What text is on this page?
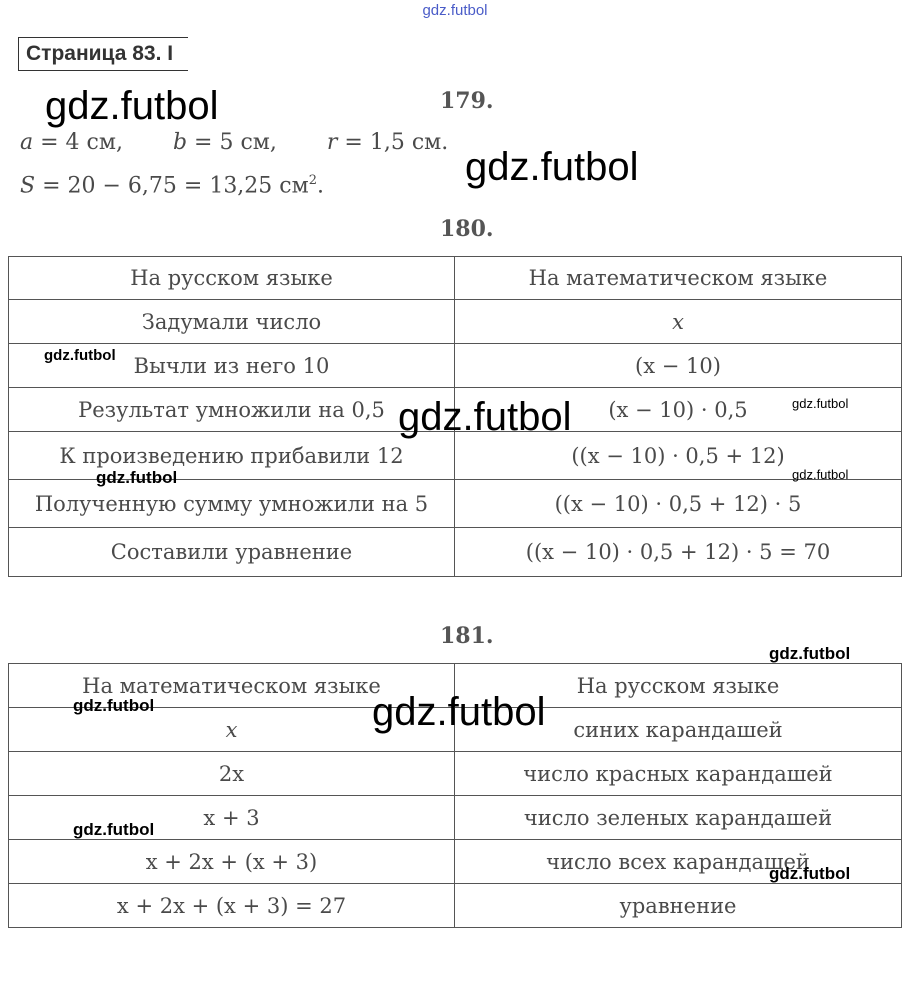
gdz.futbol
Страница 83. I
179.
a = 4 см, b = 5 см, r = 1,5 см.
S = 20 − 6,75 = 13,25 $см^2$.
180.
На русском языке	На математическом языке
Задумали число	x
Вычли из него 10	(x − 10)
Результат умножили на 0,5	(x − 10) · 0,5
К произведению прибавили 12	((x − 10) · 0,5 + 12)
Полученную сумму умножили на 5	((x − 10) · 0,5 + 12) · 5
Составили уравнение	((x − 10) · 0,5 + 12) · 5 = 70
181.
На математическом языке	На русском языке
x	синих карандашей
2x	число красных карандашей
x + 3	число зеленых карандашей
x + 2x + (x + 3)	число всех карандащей
x + 2x + (x + 3) = 27	уравнение
gdz.futbol
gdz.futbol
gdz.futbol
gdz.futbol	gdz.futbol
gdz.futbol
gdz.futbol
gdz.futbol
gdz.futbol	gdz.futbol
gdz.futbol
gdz.futbol
